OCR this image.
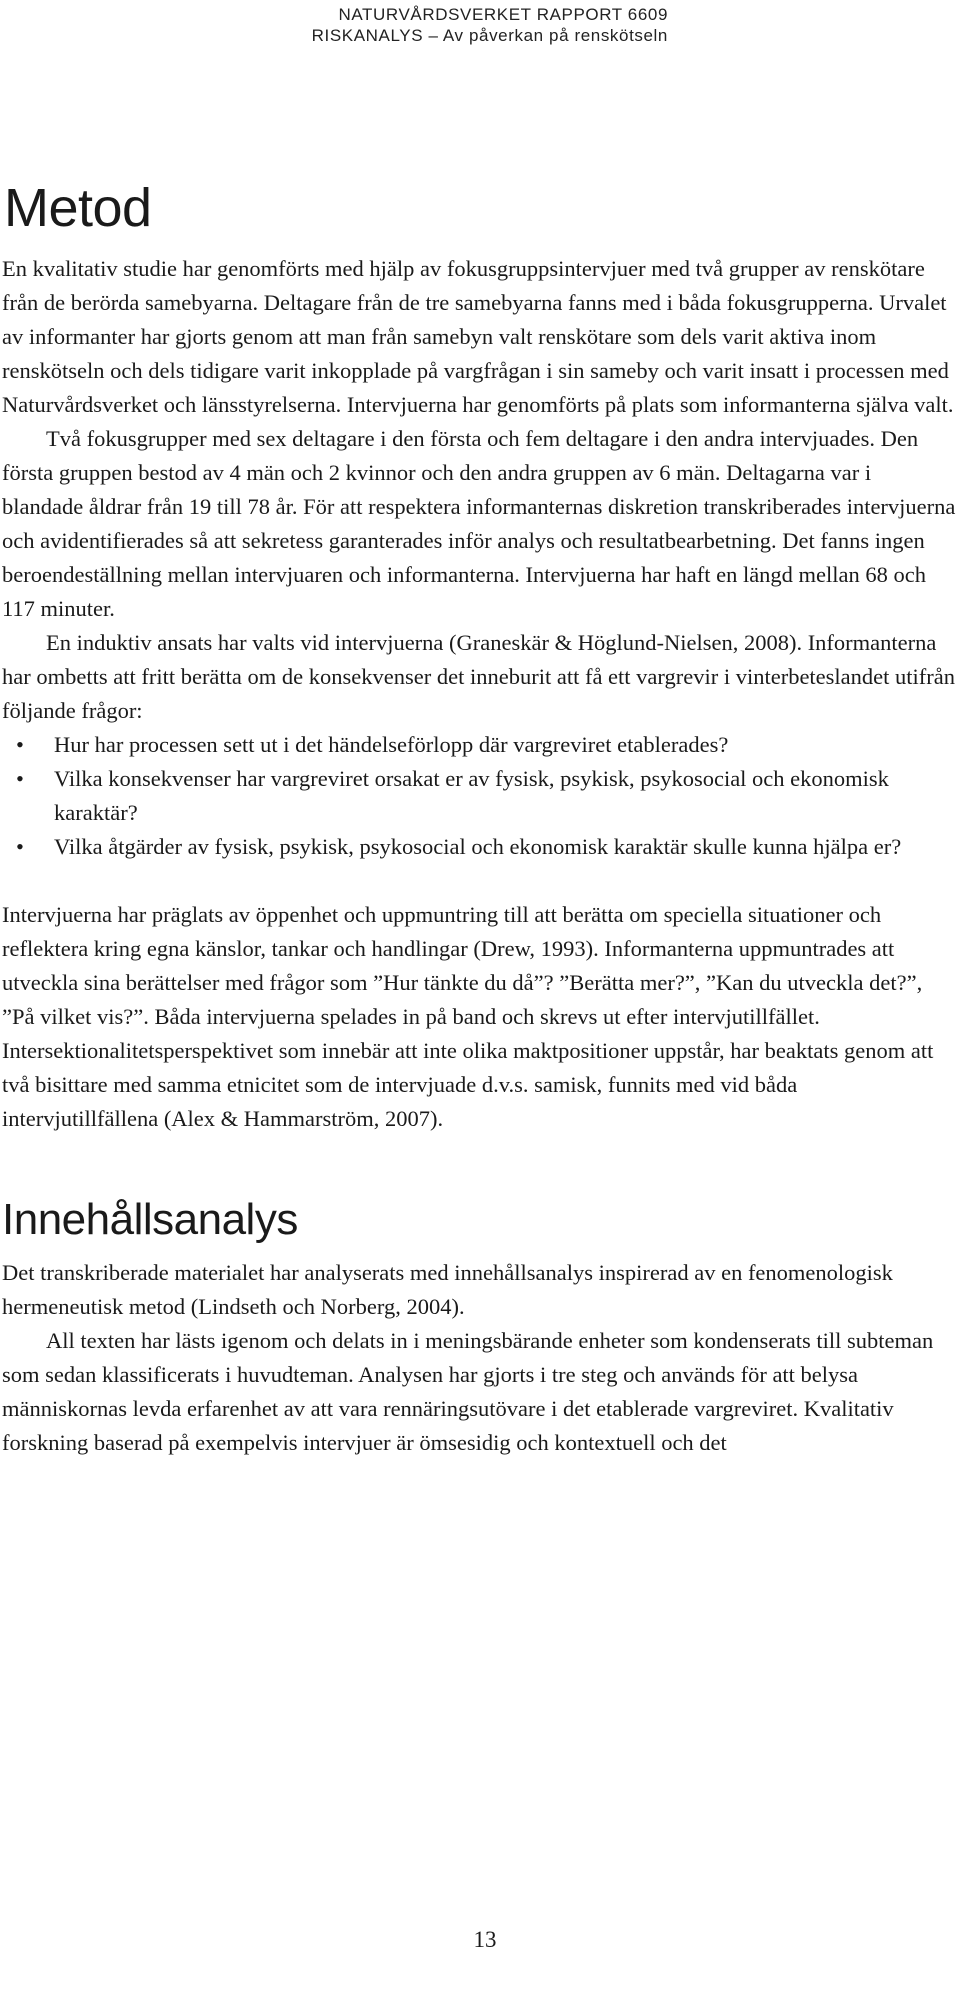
NATURVÅRDSVERKET RAPPORT 6609
RISKANALYS – Av påverkan på renskötseln
Metod

En kvalitativ studie har genomförts med hjälp av fokusgruppsintervjuer med två grupper av renskötare från de berörda samebyarna. Deltagare från de tre samebyarna fanns med i båda fokusgrupperna. Urvalet av informanter har gjorts genom att man från samebyn valt renskötare som dels varit aktiva inom renskötseln och dels tidigare varit inkopplade på vargfrågan i sin sameby och varit insatt i processen med Naturvårdsverket och länsstyrelserna. Intervjuerna har genomförts på plats som informanterna själva valt.

Två fokusgrupper med sex deltagare i den första och fem deltagare i den andra intervjuades. Den första gruppen bestod av 4 män och 2 kvinnor och den andra gruppen av 6 män. Deltagarna var i blandade åldrar från 19 till 78 år. För att respektera informanternas diskretion transkriberades intervjuerna och avidentifierades så att sekretess garanterades inför analys och resultatbearbetning. Det fanns ingen beroendeställning mellan intervjuaren och informanterna. Intervjuerna har haft en längd mellan 68 och 117 minuter.

En induktiv ansats har valts vid intervjuerna (Graneskär & Höglund-Nielsen, 2008). Informanterna har ombetts att fritt berätta om de konsekvenser det inneburit att få ett vargrevir i vinterbeteslandet utifrån följande frågor:

• Hur har processen sett ut i det händelseförlopp där vargreviret etablerades?
• Vilka konsekvenser har vargreviret orsakat er av fysisk, psykisk, psykosocial och ekonomisk karaktär?
• Vilka åtgärder av fysisk, psykisk, psykosocial och ekonomisk karaktär skulle kunna hjälpa er?

Intervjuerna har präglats av öppenhet och uppmuntring till att berätta om speciella situationer och reflektera kring egna känslor, tankar och handlingar (Drew, 1993). Informanterna uppmuntrades att utveckla sina berättelser med frågor som ”Hur tänkte du då”? ”Berätta mer?”, ”Kan du utveckla det?”, ”På vilket vis?”. Båda intervjuerna spelades in på band och skrevs ut efter intervjutillfället. Intersektionalitetsperspektivet som innebär att inte olika maktpositioner uppstår, har beaktats genom att två bisittare med samma etnicitet som de intervjuade d.v.s. samisk, funnits med vid båda intervjutillfällena (Alex & Hammarström, 2007).

Innehållsanalys

Det transkriberade materialet har analyserats med innehållsanalys inspirerad av en fenomenologisk hermeneutisk metod (Lindseth och Norberg, 2004).

All texten har lästs igenom och delats in i meningsbärande enheter som kondenserats till subteman som sedan klassificerats i huvudteman. Analysen har gjorts i tre steg och används för att belysa människornas levda erfarenhet av att vara rennäringsutövare i det etablerade vargreviret. Kvalitativ forskning baserad på exempelvis intervjuer är ömsesidig och kontextuell och det

13
